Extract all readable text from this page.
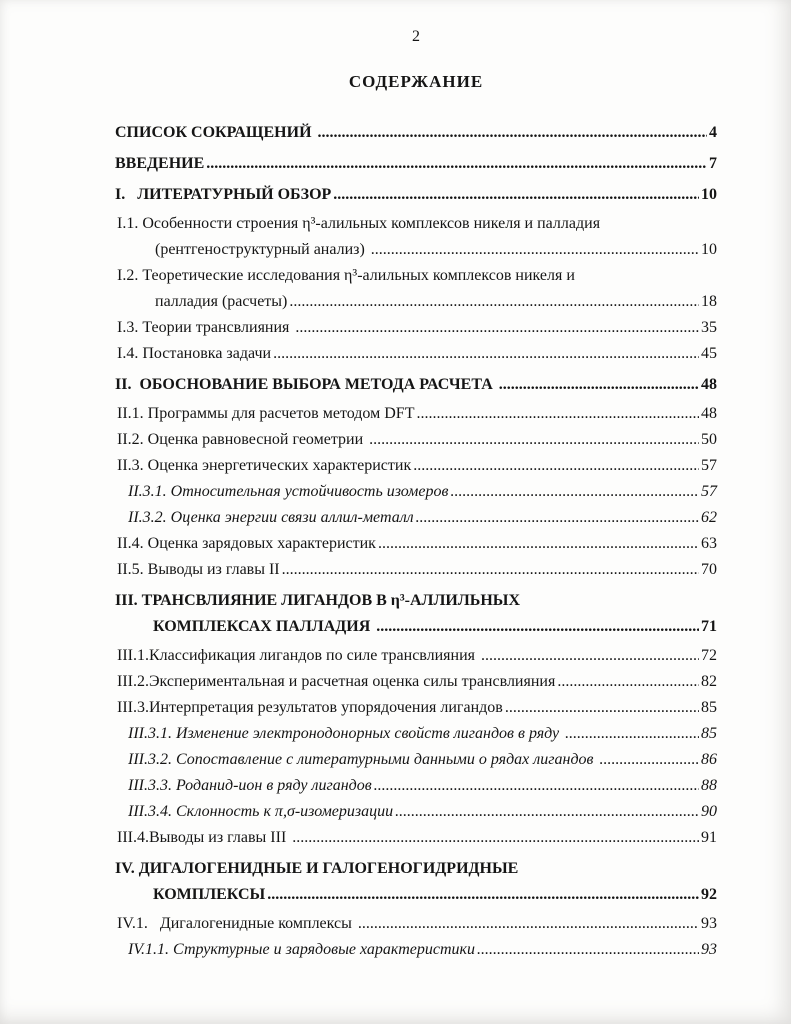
2
СОДЕРЖАНИЕ
СПИСОК СОКРАЩЕНИЙ .....	4
ВВЕДЕНИЕ .....	7
I.   ЛИТЕРАТУРНЫЙ ОБЗОР .....	10
I.1. Особенности строения η³-алильных комплексов никеля и палладия
(рентгеноструктурный анализ) .....	10
I.2. Теоретические исследования η³-алильных комплексов никеля и
палладия (расчеты) .....	18
I.3. Теории трансвлияния .....	35
I.4. Постановка задачи .....	45
II.  ОБОСНОВАНИЕ ВЫБОРА МЕТОДА РАСЧЕТА .....	48
II.1. Программы для расчетов методом DFT .....	48
II.2. Оценка равновесной геометрии .....	50
II.3. Оценка энергетических характеристик .....	57
II.3.1. Относительная устойчивость изомеров .....	57
II.3.2. Оценка энергии связи аллил-металл .....	62
II.4. Оценка зарядовых характеристик .....	63
II.5. Выводы из главы II .....	70
III. ТРАНСВЛИЯНИЕ ЛИГАНДОВ В η³-АЛЛИЛЬНЫХ
КОМПЛЕКСАХ ПАЛЛАДИЯ .....	71
III.1.Классификация лигандов по силе трансвлияния .....	72
III.2.Экспериментальная и расчетная оценка силы трансвлияния .....	82
III.3.Интерпретация результатов упорядочения лигандов .....	85
III.3.1. Изменение электронодонорных свойств лигандов в ряду .....	85
III.3.2. Сопоставление с литературными данными о рядах лигандов .....	86
III.3.3. Роданид-ион в ряду лигандов .....	88
III.3.4. Склонность к π,σ-изомеризации .....	90
III.4.Выводы из главы III .....	91
IV. ДИГАЛОГЕНИДНЫЕ И ГАЛОГЕНОГИДРИДНЫЕ
КОМПЛЕКСЫ .....	92
IV.1.   Дигалогенидные комплексы .....	93
IV.1.1. Структурные и зарядовые характеристики .....	93
